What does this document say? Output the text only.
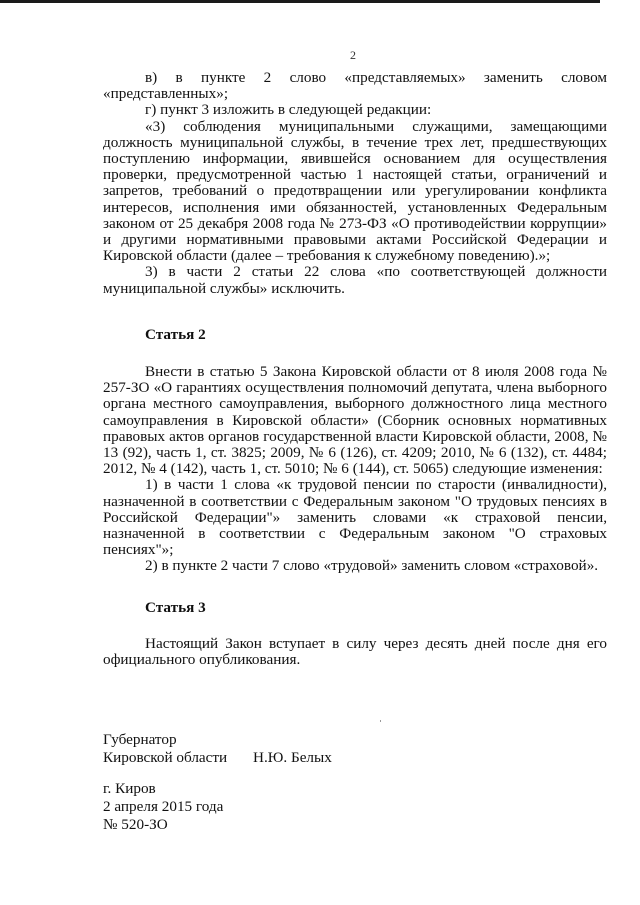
2

в) в пункте 2 слово «представляемых» заменить словом «представленных»;

г) пункт 3 изложить в следующей редакции:

«3) соблюдения муниципальными служащими, замещающими должность муниципальной службы, в течение трех лет, предшествующих поступлению информации, явившейся основанием для осуществления проверки, предусмотренной частью 1 настоящей статьи, ограничений и запретов, требований о предотвращении или урегулировании конфликта интересов, исполнения ими обязанностей, установленных Федеральным законом от 25 декабря 2008 года № 273-ФЗ «О противодействии коррупции» и другими нормативными правовыми актами Российской Федерации и Кировской области (далее – требования к служебному поведению).»;

3) в части 2 статьи 22 слова «по соответствующей должности муниципальной службы» исключить.

Статья 2

Внести в статью 5 Закона Кировской области от 8 июля 2008 года № 257-ЗО «О гарантиях осуществления полномочий депутата, члена выборного органа местного самоуправления, выборного должностного лица местного самоуправления в Кировской области» (Сборник основных нормативных правовых актов органов государственной власти Кировской области, 2008, № 13 (92), часть 1, ст. 3825; 2009, № 6 (126), ст. 4209; 2010, № 6 (132), ст. 4484; 2012, № 4 (142), часть 1, ст. 5010; № 6 (144), ст. 5065) следующие изменения:

1) в части 1 слова «к трудовой пенсии по старости (инвалидности), назначенной в соответствии с Федеральным законом "О трудовых пенсиях в Российской Федерации"» заменить словами «к страховой пенсии, назначенной в соответствии с Федеральным законом "О страховых пенсиях"»;

2) в пункте 2 части 7 слово «трудовой» заменить словом «страховой».

Статья 3

Настоящий Закон вступает в силу через десять дней после дня его официального опубликования.

Губернатор
Кировской области Н.Ю. Белых
г. Киров
2 апреля 2015 года
№ 520-ЗО
